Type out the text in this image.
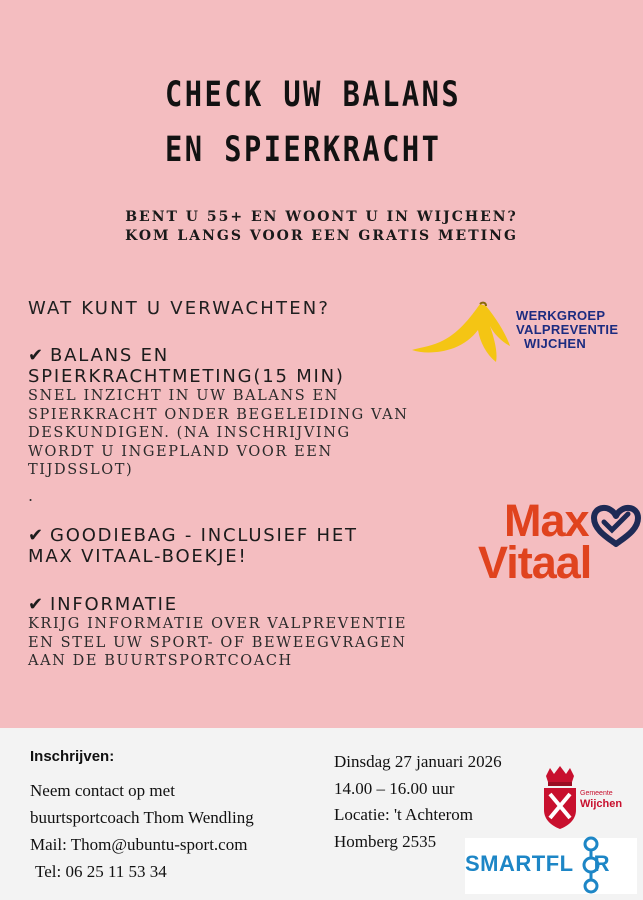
CHECK UW BALANS
EN SPIERKRACHT
BENT U 55+ EN WOONT U IN WIJCHEN?
KOM LANGS VOOR EEN GRATIS METING
WAT KUNT U VERWACHTEN?
✔ BALANS EN
SPIERKRACHTMETING(15 MIN)
SNEL INZICHT IN UW BALANS EN
SPIERKRACHT ONDER BEGELEIDING VAN
DESKUNDIGEN. (NA INSCHRIJVING
WORDT U INGEPLAND VOOR EEN
TIJDSSLOT)
.
✔ GOODIEBAG - INCLUSIEF HET
MAX VITAAL-BOEKJE!
✔ INFORMATIE
KRIJG INFORMATIE OVER VALPREVENTIE
EN STEL UW SPORT- OF BEWEEGVRAGEN
AAN DE BUURTSPORTCOACH
WERKGROEP
VALPREVENTIE
WIJCHEN
Max
Vitaal
Inschrijven:
Neem contact op met
buurtsportcoach Thom Wendling
Mail: Thom@ubuntu-sport.com
Tel: 06 25 11 53 34
Dinsdag 27 januari 2026
14.00 – 16.00 uur
Locatie: 't Achterom
Homberg 2535
Gemeente
Wijchen
SMARTFL R
